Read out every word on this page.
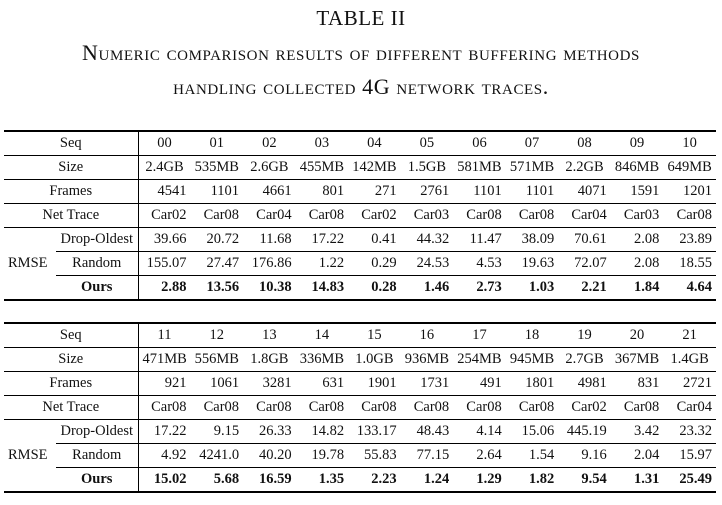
TABLE II
Numeric comparison results of different buffering methods
handling collected 4G network traces.
Seq		00	01	02	03	04	05	06	07	08	09	10
Size		2.4GB	535MB	2.6GB	455MB	142MB	1.5GB	581MB	571MB	2.2GB	846MB	649MB
Frames		4541	1101	4661	801	271	2761	1101	1101	4071	1591	1201
Net Trace		Car02	Car08	Car04	Car08	Car02	Car03	Car08	Car08	Car04	Car03	Car08
	Drop-Oldest	39.66	20.72	11.68	17.22	0.41	44.32	11.47	38.09	70.61	2.08	23.89
RMSE	Random	155.07	27.47	176.86	1.22	0.29	24.53	4.53	19.63	72.07	2.08	18.55
	Ours	2.88	13.56	10.38	14.83	0.28	1.46	2.73	1.03	2.21	1.84	4.64
Seq		11	12	13	14	15	16	17	18	19	20	21
Size		471MB	556MB	1.8GB	336MB	1.0GB	936MB	254MB	945MB	2.7GB	367MB	1.4GB
Frames		921	1061	3281	631	1901	1731	491	1801	4981	831	2721
Net Trace		Car08	Car08	Car08	Car08	Car08	Car08	Car08	Car08	Car02	Car08	Car04
	Drop-Oldest	17.22	9.15	26.33	14.82	133.17	48.43	4.14	15.06	445.19	3.42	23.32
RMSE	Random	4.92	4241.0	40.20	19.78	55.83	77.15	2.64	1.54	9.16	2.04	15.97
	Ours	15.02	5.68	16.59	1.35	2.23	1.24	1.29	1.82	9.54	1.31	25.49
